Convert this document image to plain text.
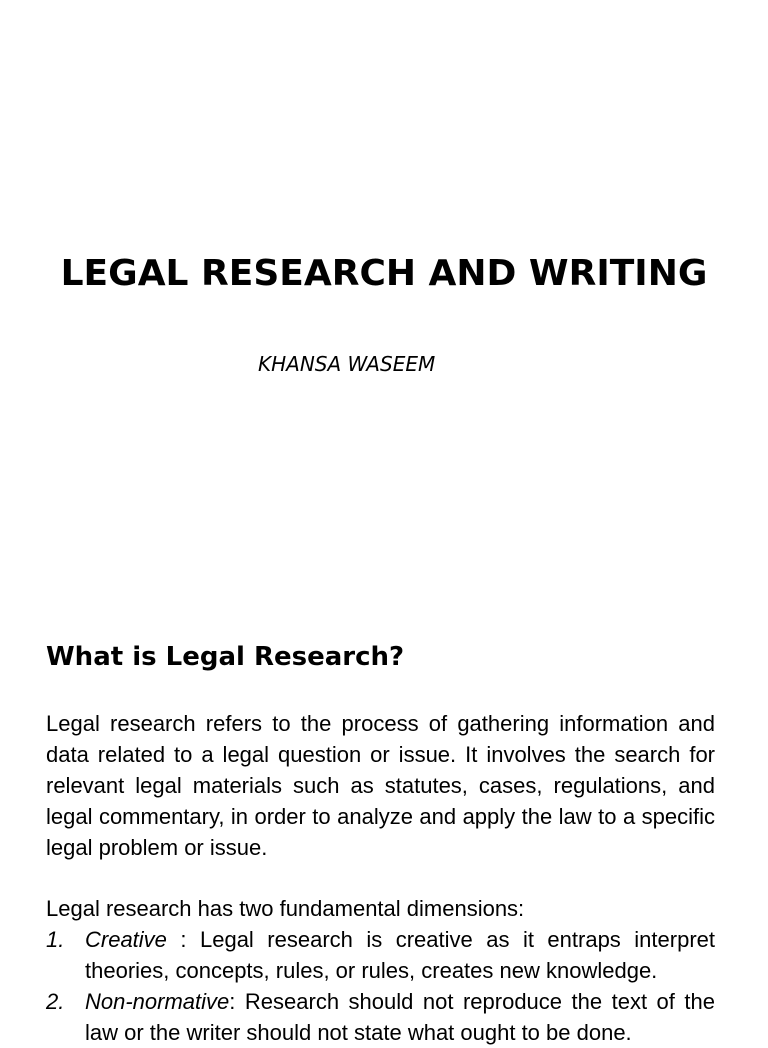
LEGAL RESEARCH AND WRITING
KHANSA WASEEM
What is Legal Research?

Legal research refers to the process of gathering information and data related to a legal question or issue. It involves the search for relevant legal materials such as statutes, cases, regulations, and legal commentary, in order to analyze and apply the law to a specific legal problem or issue.

Legal research has two fundamental dimensions:

1. Creative : Legal research is creative as it entraps interpret theories, concepts, rules, or rules, creates new knowledge.
2. Non-normative: Research should not reproduce the text of the law or the writer should not state what ought to be done.
